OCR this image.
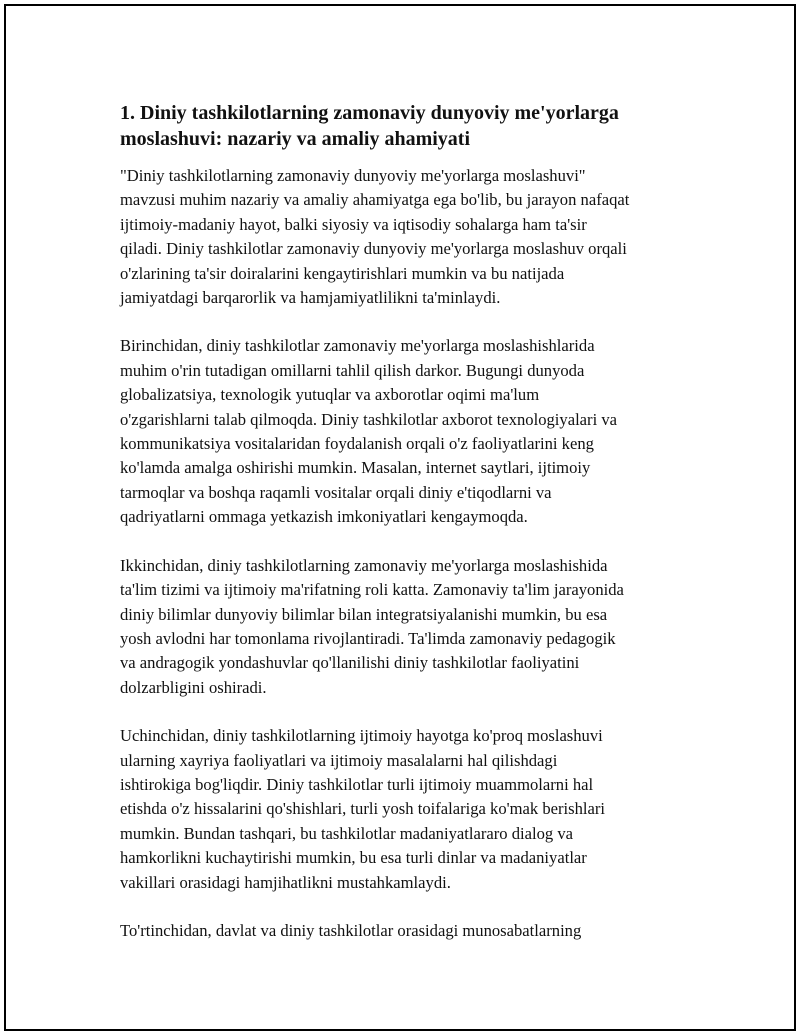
1. Diniy tashkilotlarning zamonaviy dunyoviy me'yorlarga
moslashuvi: nazariy va amaliy ahamiyati

"Diniy tashkilotlarning zamonaviy dunyoviy me'yorlarga moslashuvi"
mavzusi muhim nazariy va amaliy ahamiyatga ega bo'lib, bu jarayon nafaqat
ijtimoiy-madaniy hayot, balki siyosiy va iqtisodiy sohalarga ham ta'sir
qiladi. Diniy tashkilotlar zamonaviy dunyoviy me'yorlarga moslashuv orqali
o'zlarining ta'sir doiralarini kengaytirishlari mumkin va bu natijada
jamiyatdagi barqarorlik va hamjamiyatlilikni ta'minlaydi.

Birinchidan, diniy tashkilotlar zamonaviy me'yorlarga moslashishlarida
muhim o'rin tutadigan omillarni tahlil qilish darkor. Bugungi dunyoda
globalizatsiya, texnologik yutuqlar va axborotlar oqimi ma'lum
o'zgarishlarni talab qilmoqda. Diniy tashkilotlar axborot texnologiyalari va
kommunikatsiya vositalaridan foydalanish orqali o'z faoliyatlarini keng
ko'lamda amalga oshirishi mumkin. Masalan, internet saytlari, ijtimoiy
tarmoqlar va boshqa raqamli vositalar orqali diniy e'tiqodlarni va
qadriyatlarni ommaga yetkazish imkoniyatlari kengaymoqda.

Ikkinchidan, diniy tashkilotlarning zamonaviy me'yorlarga moslashishida
ta'lim tizimi va ijtimoiy ma'rifatning roli katta. Zamonaviy ta'lim jarayonida
diniy bilimlar dunyoviy bilimlar bilan integratsiyalanishi mumkin, bu esa
yosh avlodni har tomonlama rivojlantiradi. Ta'limda zamonaviy pedagogik
va andragogik yondashuvlar qo'llanilishi diniy tashkilotlar faoliyatini
dolzarbligini oshiradi.

Uchinchidan, diniy tashkilotlarning ijtimoiy hayotga ko'proq moslashuvi
ularning xayriya faoliyatlari va ijtimoiy masalalarni hal qilishdagi
ishtirokiga bog'liqdir. Diniy tashkilotlar turli ijtimoiy muammolarni hal
etishda o'z hissalarini qo'shishlari, turli yosh toifalariga ko'mak berishlari
mumkin. Bundan tashqari, bu tashkilotlar madaniyatlararo dialog va
hamkorlikni kuchaytirishi mumkin, bu esa turli dinlar va madaniyatlar
vakillari orasidagi hamjihatlikni mustahkamlaydi.

To'rtinchidan, davlat va diniy tashkilotlar orasidagi munosabatlarning
